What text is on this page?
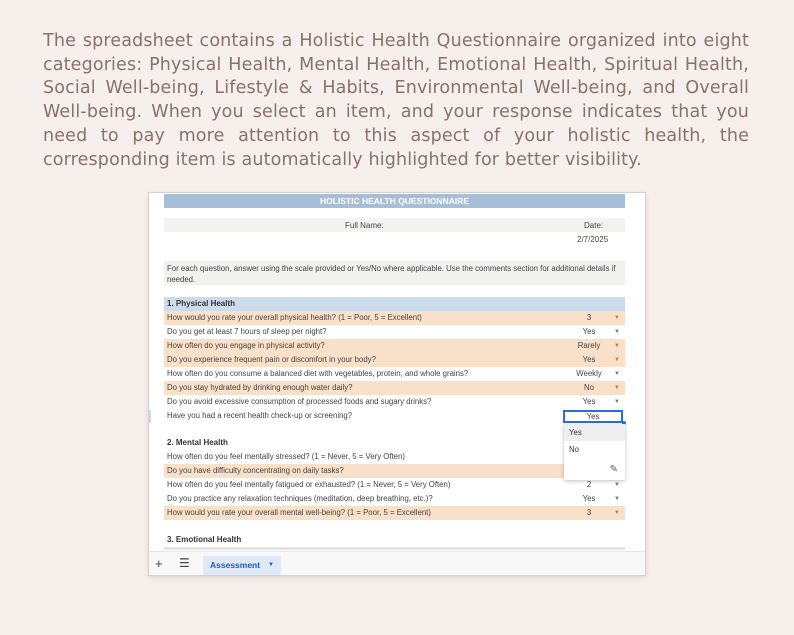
The spreadsheet contains a Holistic Health Questionnaire organized into eight categories: Physical Health, Mental Health, Emotional Health, Spiritual Health, Social Well-being, Lifestyle & Habits, Environmental Well-being, and Overall Well-being. When you select an item, and your response indicates that you need to pay more attention to this aspect of your holistic health, the corresponding item is automatically highlighted for better visibility.
HOLISTIC HEALTH QUESTIONNAIRE
Full Name:	Date:
2/7/2025
For each question, answer using the scale provided or Yes/No where applicable. Use the comments section for additional details if needed.
1. Physical Health
How would you rate your overall physical health? (1 = Poor, 5 = Excellent)	3	▼
Do you get at least 7 hours of sleep per night?	Yes	▼
How often do you engage in physical activity?	Rarely	▼
Do you experience frequent pain or discomfort in your body?	Yes	▼
How often do you consume a balanced diet with vegetables, protein, and whole grains?	Weekly	▼
Do you stay hydrated by drinking enough water daily?	No	▼
Do you avoid excessive consumption of processed foods and sugary drinks?	Yes	▼
Have you had a recent health check-up or screening?	Yes
2. Mental Health
How often do you feel mentally stressed? (1 = Never, 5 = Very Often)
Do you have difficulty concentrating on daily tasks?
How often do you feel mentally fatigued or exhausted? (1 = Never, 5 = Very Often)	2	▼
Do you practice any relaxation techniques (meditation, deep breathing, etc.)?	Yes	▼
How would you rate your overall mental well-being? (1 = Poor, 5 = Excellent)	3	▼
3. Emotional Health
Yes
No
✎
+ ☰	Assessment ▼
